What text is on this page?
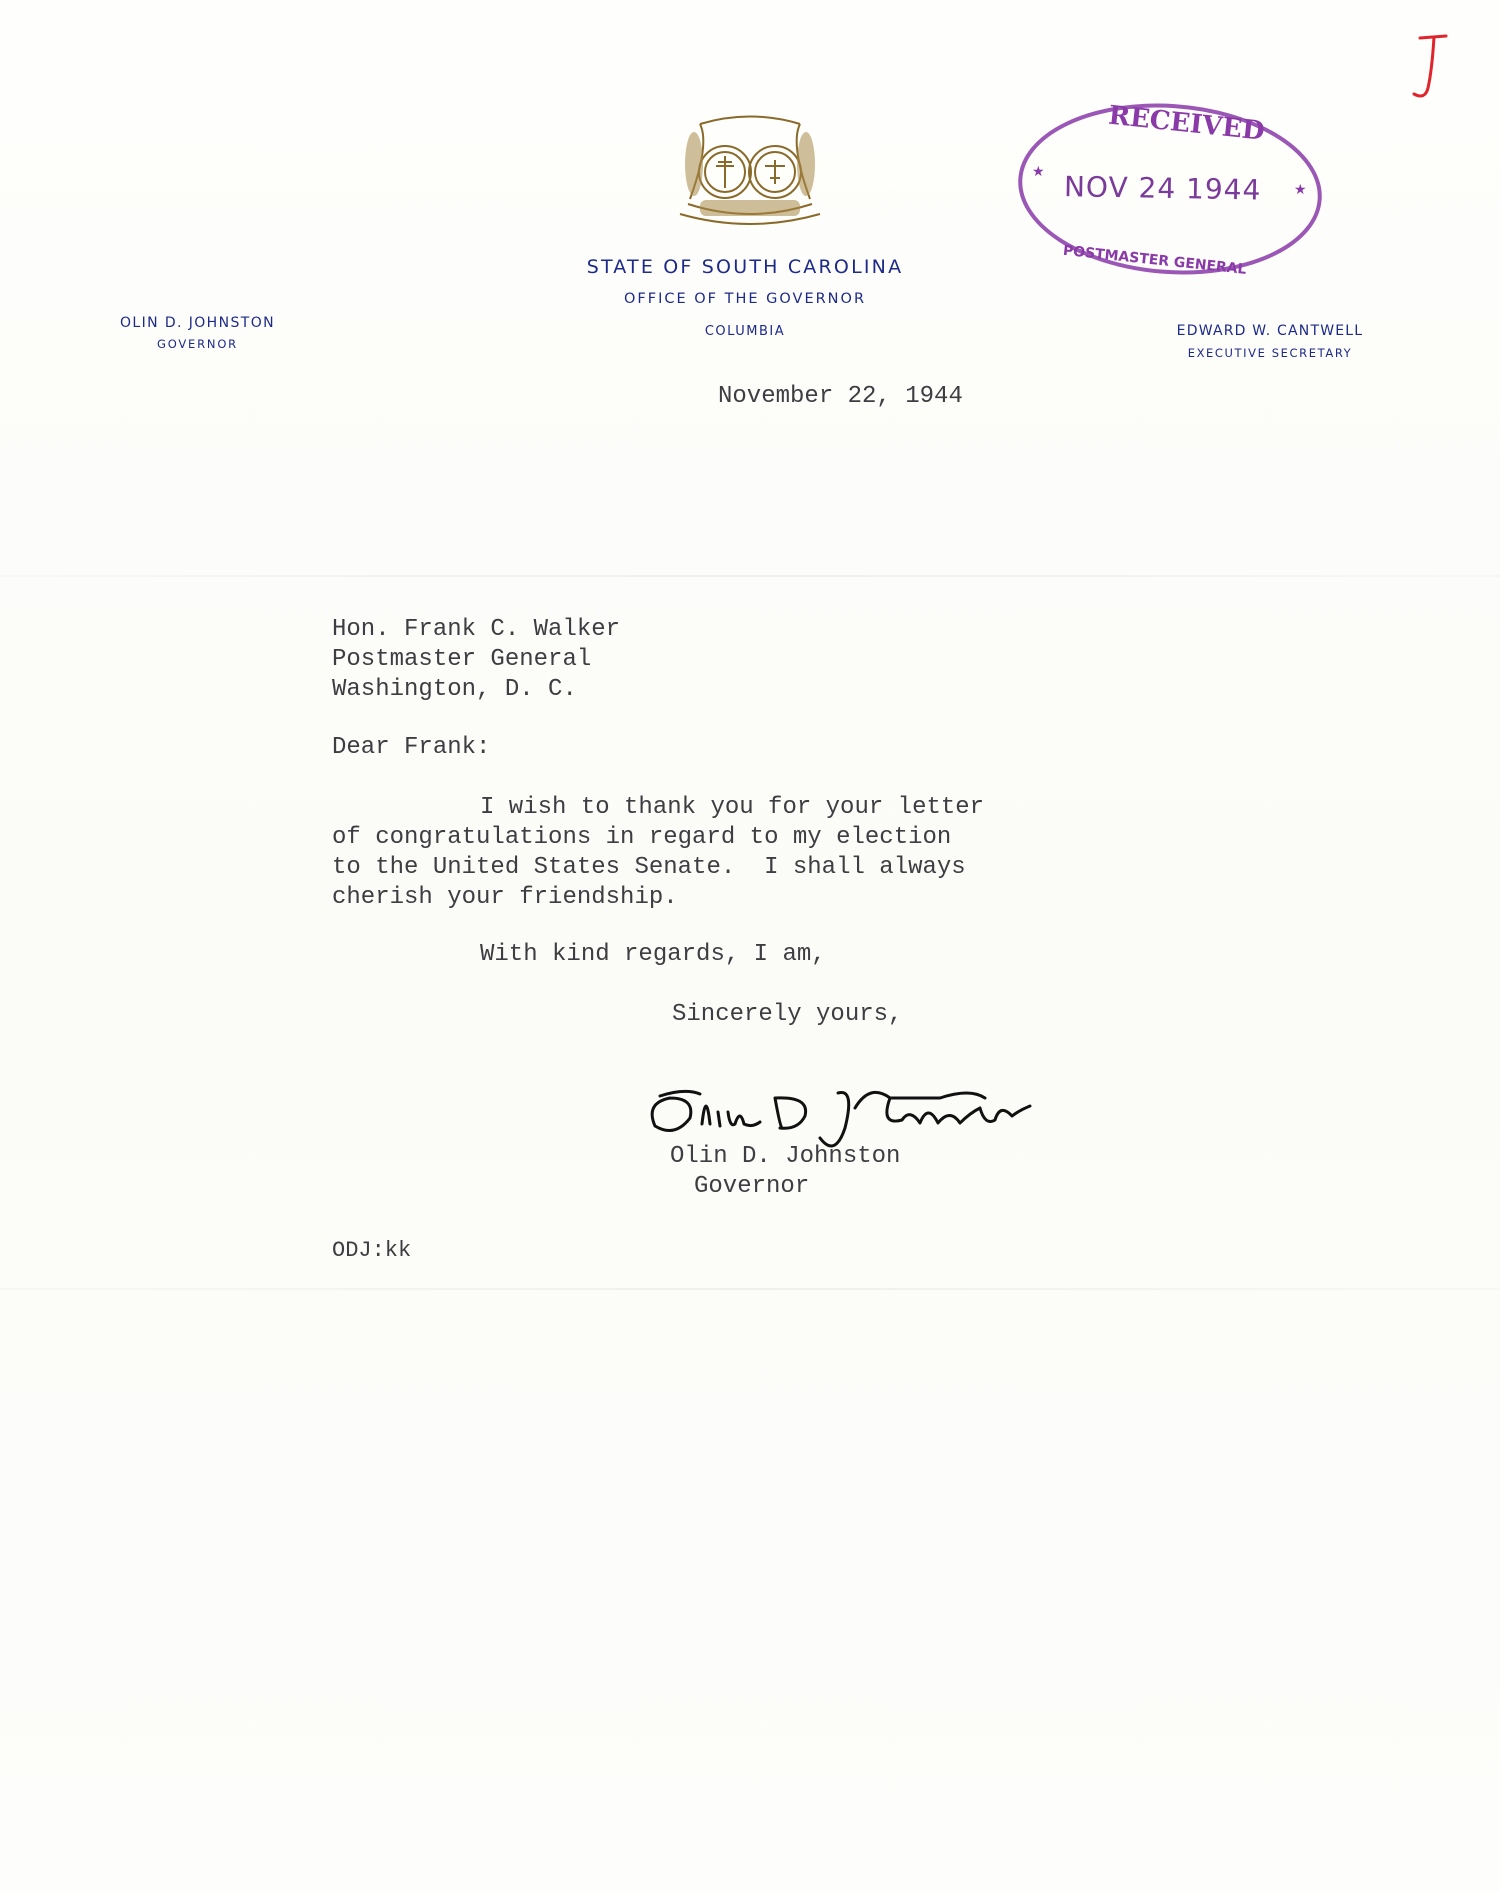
STATE OF SOUTH CAROLINA
OFFICE OF THE GOVERNOR
COLUMBIA
OLIN D. JOHNSTON
GOVERNOR
EDWARD W. CANTWELL
EXECUTIVE SECRETARY
RECEIVED
POSTMASTER GENERAL
★
★
NOV 24 1944
November 22, 1944
Hon. Frank C. Walker
Postmaster General
Washington, D. C.
Dear Frank:
I wish to thank you for your letter
of congratulations in regard to my election
to the United States Senate.  I shall always
cherish your friendship.
With kind regards, I am,
Sincerely yours,
Olin D. Johnston
Governor
ODJ:kk
